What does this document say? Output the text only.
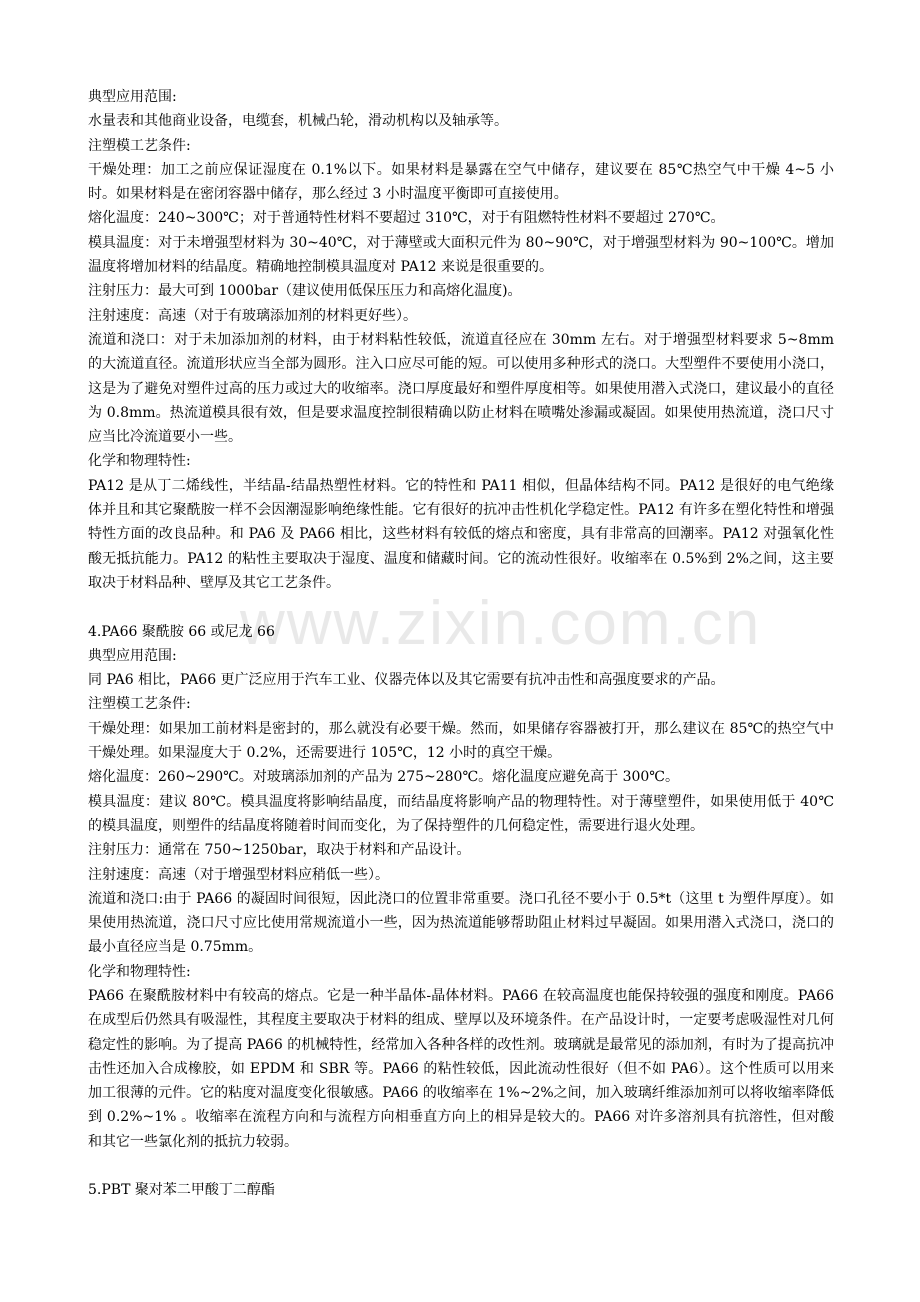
www.zixin.com.cn

典型应用范围:

水量表和其他商业设备，电缆套，机械凸轮，滑动机构以及轴承等。

注塑模工艺条件:

干燥处理：加工之前应保证湿度在 0.1%以下。如果材料是暴露在空气中储存，建议要在 85℃热空气中干燥 4~5 小时。如果材料是在密闭容器中储存，那么经过 3 小时温度平衡即可直接使用。

熔化温度：240~300℃；对于普通特性材料不要超过 310℃，对于有阻燃特性材料不要超过 270℃。

模具温度：对于未增强型材料为 30~40℃，对于薄壁或大面积元件为 80~90℃，对于增强型材料为 90~100℃。增加温度将增加材料的结晶度。精确地控制模具温度对 PA12 来说是很重要的。

注射压力：最大可到 1000bar（建议使用低保压压力和高熔化温度)。

注射速度：高速（对于有玻璃添加剂的材料更好些）。

流道和浇口：对于未加添加剂的材料，由于材料粘性较低，流道直径应在 30mm 左右。对于增强型材料要求 5~8mm 的大流道直径。流道形状应当全部为圆形。注入口应尽可能的短。可以使用多种形式的浇口。大型塑件不要使用小浇口，这是为了避免对塑件过高的压力或过大的收缩率。浇口厚度最好和塑件厚度相等。如果使用潜入式浇口，建议最小的直径为 0.8mm。热流道模具很有效，但是要求温度控制很精确以防止材料在喷嘴处渗漏或凝固。如果使用热流道，浇口尺寸应当比冷流道要小一些。

化学和物理特性:

PA12 是从丁二烯线性，半结晶-结晶热塑性材料。它的特性和 PA11 相似，但晶体结构不同。PA12 是很好的电气绝缘体并且和其它聚酰胺一样不会因潮湿影响绝缘性能。它有很好的抗冲击性机化学稳定性。PA12 有许多在塑化特性和增强特性方面的改良品种。和 PA6 及 PA66 相比，这些材料有较低的熔点和密度，具有非常高的回潮率。PA12 对强氧化性酸无抵抗能力。PA12 的粘性主要取决于湿度、温度和储藏时间。它的流动性很好。收缩率在 0.5%到 2%之间，这主要取决于材料品种、壁厚及其它工艺条件。

4.PA66 聚酰胺 66 或尼龙 66

典型应用范围:

同 PA6 相比，PA66 更广泛应用于汽车工业、仪器壳体以及其它需要有抗冲击性和高强度要求的产品。

注塑模工艺条件:

干燥处理：如果加工前材料是密封的，那么就没有必要干燥。然而，如果储存容器被打开，那么建议在 85℃的热空气中干燥处理。如果湿度大于 0.2%，还需要进行 105℃，12 小时的真空干燥。

熔化温度：260~290℃。对玻璃添加剂的产品为 275~280℃。熔化温度应避免高于 300℃。

模具温度：建议 80℃。模具温度将影响结晶度，而结晶度将影响产品的物理特性。对于薄壁塑件，如果使用低于 40℃的模具温度，则塑件的结晶度将随着时间而变化，为了保持塑件的几何稳定性，需要进行退火处理。

注射压力：通常在 750~1250bar，取决于材料和产品设计。

注射速度：高速（对于增强型材料应稍低一些）。

流道和浇口:由于 PA66 的凝固时间很短，因此浇口的位置非常重要。浇口孔径不要小于 0.5*t（这里 t 为塑件厚度）。如果使用热流道，浇口尺寸应比使用常规流道小一些，因为热流道能够帮助阻止材料过早凝固。如果用潜入式浇口，浇口的最小直径应当是 0.75mm。

化学和物理特性:

PA66 在聚酰胺材料中有较高的熔点。它是一种半晶体-晶体材料。PA66 在较高温度也能保持较强的强度和刚度。PA66 在成型后仍然具有吸湿性，其程度主要取决于材料的组成、壁厚以及环境条件。在产品设计时，一定要考虑吸湿性对几何稳定性的影响。为了提高 PA66 的机械特性，经常加入各种各样的改性剂。玻璃就是最常见的添加剂，有时为了提高抗冲击性还加入合成橡胶，如 EPDM 和 SBR 等。PA66 的粘性较低，因此流动性很好（但不如 PA6）。这个性质可以用来加工很薄的元件。它的粘度对温度变化很敏感。PA66 的收缩率在 1%~2%之间，加入玻璃纤维添加剂可以将收缩率降低到 0.2%~1% 。收缩率在流程方向和与流程方向相垂直方向上的相异是较大的。PA66 对许多溶剂具有抗溶性，但对酸和其它一些氯化剂的抵抗力较弱。

5.PBT 聚对苯二甲酸丁二醇酯
